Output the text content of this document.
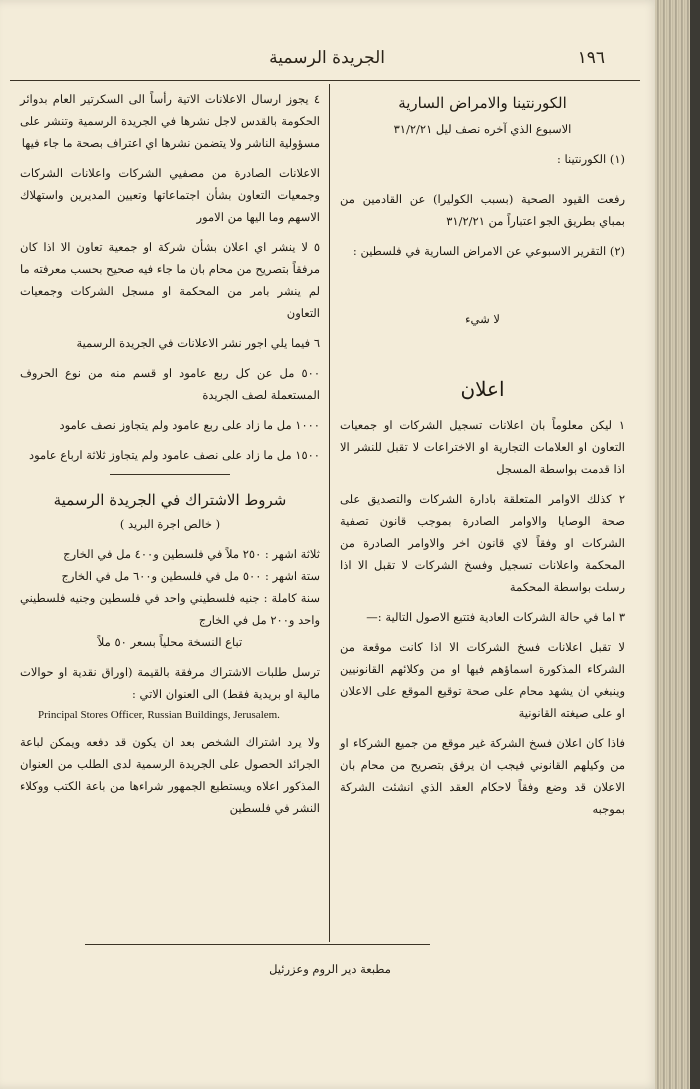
١٩٦
الجريدة الرسمية

الكورنتينا والامراض السارية

الاسبوع الذي آخره نصف ليل ٣١/٢/٢١

(١) الكورنتينا :

رفعت القيود الصحية (بسبب الكوليرا) عن القادمين من بمباي بطريق الجو اعتباراً من ٣١/٢/٢١

(٢) التقرير الاسبوعي عن الامراض السارية في فلسطين :

لا شيء

اعلان

١ ليكن معلوماً بان اعلانات تسجيل الشركات او جمعيات التعاون او العلامات التجارية او الاختراعات لا تقبل للنشر الا اذا قدمت بواسطة المسجل

٢ كذلك الاوامر المتعلقة بادارة الشركات والتصديق على صحة الوصايا والاوامر الصادرة بموجب قانون تصفية الشركات او وفقاً لاي قانون اخر والاوامر الصادرة من المحكمة واعلانات تسجيل وفسخ الشركات لا تقبل الا اذا رسلت بواسطة المحكمة

٣ اما في حالة الشركات العادية فتتبع الاصول التالية :—

لا تقبل اعلانات فسخ الشركات الا اذا كانت موقعة من الشركاء المذكورة اسماؤهم فيها او من وكلائهم القانونيين وينبغي ان يشهد محام على صحة توقيع الموقع على الاعلان او على صيغته القانونية

فاذا كان اعلان فسخ الشركة غير موقع من جميع الشركاء او من وكيلهم القانوني فيجب ان يرفق بتصريح من محام بان الاعلان قد وضع وفقاً لاحكام العقد الذي انشئت الشركة بموجبه

٤ يجوز ارسال الاعلانات الاتية رأساً الى السكرتير العام بدوائر الحكومة بالقدس لاجل نشرها في الجريدة الرسمية وتنشر على مسؤولية الناشر ولا يتضمن نشرها اي اعتراف بصحة ما جاء فيها

الاعلانات الصادرة من مصفيي الشركات واعلانات الشركات وجمعيات التعاون بشأن اجتماعاتها وتعيين المديرين واستهلاك الاسهم وما اليها من الامور

٥ لا ينشر اي اعلان بشأن شركة او جمعية تعاون الا اذا كان مرفقاً بتصريح من محام بان ما جاء فيه صحيح بحسب معرفته ما لم ينشر بامر من المحكمة او مسجل الشركات وجمعيات التعاون

٦ فيما يلي اجور نشر الاعلانات في الجريدة الرسمية

٥٠٠ مل عن كل ربع عامود او قسم منه من نوع الحروف المستعملة لصف الجريدة

١٠٠٠ مل ما زاد على ربع عامود ولم يتجاوز نصف عامود

١٥٠٠ مل ما زاد على نصف عامود ولم يتجاوز ثلاثة ارباع عامود

شروط الاشتراك في الجريدة الرسمية

( خالص اجرة البريد )

ثلاثة اشهر : ٢٥٠ ملاً في فلسطين و٤٠٠ مل في الخارج

ستة اشهر : ٥٠٠ مل في فلسطين و٦٠٠ مل في الخارج

سنة كاملة : جنيه فلسطيني واحد في فلسطين وجنيه فلسطيني واحد و٢٠٠ مل في الخارج

تباع النسخة محلياً بسعر ٥٠ ملاً

ترسل طلبات الاشتراك مرفقة بالقيمة (اوراق نقدية او حوالات مالية او بريدية فقط) الى العنوان الاتي :

Principal Stores Officer, Russian Buildings, Jerusalem.

ولا يرد اشتراك الشخص بعد ان يكون قد دفعه ويمكن لباعة الجرائد الحصول على الجريدة الرسمية لدى الطلب من العنوان المذكور اعلاه ويستطيع الجمهور شراءها من باعة الكتب ووكلاء النشر في فلسطين

مطبعة دير الروم وعزرئيل
